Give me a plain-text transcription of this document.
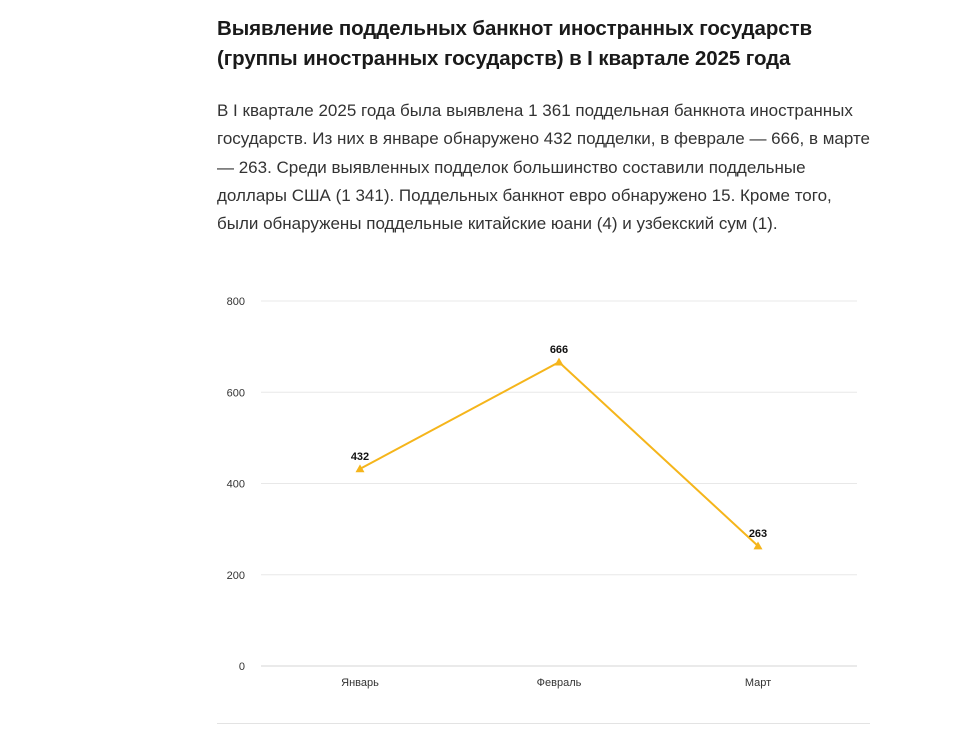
Выявление поддельных банкнот иностранных государств (группы иностранных государств) в I квартале 2025 года

В I квартале 2025 года была выявлена 1 361 поддельная банкнота иностранных государств. Из них в январе обнаружено 432 подделки, в феврале — 666, в марте — 263. Среди выявленных подделок большинство составили поддельные доллары США (1 341). Поддельных банкнот евро обнаружено 15. Кроме того, были обнаружены поддельные китайские юани (4) и узбекский сум (1).

0
200
400
600
800
Январь	Февраль	Март
432
666
263
